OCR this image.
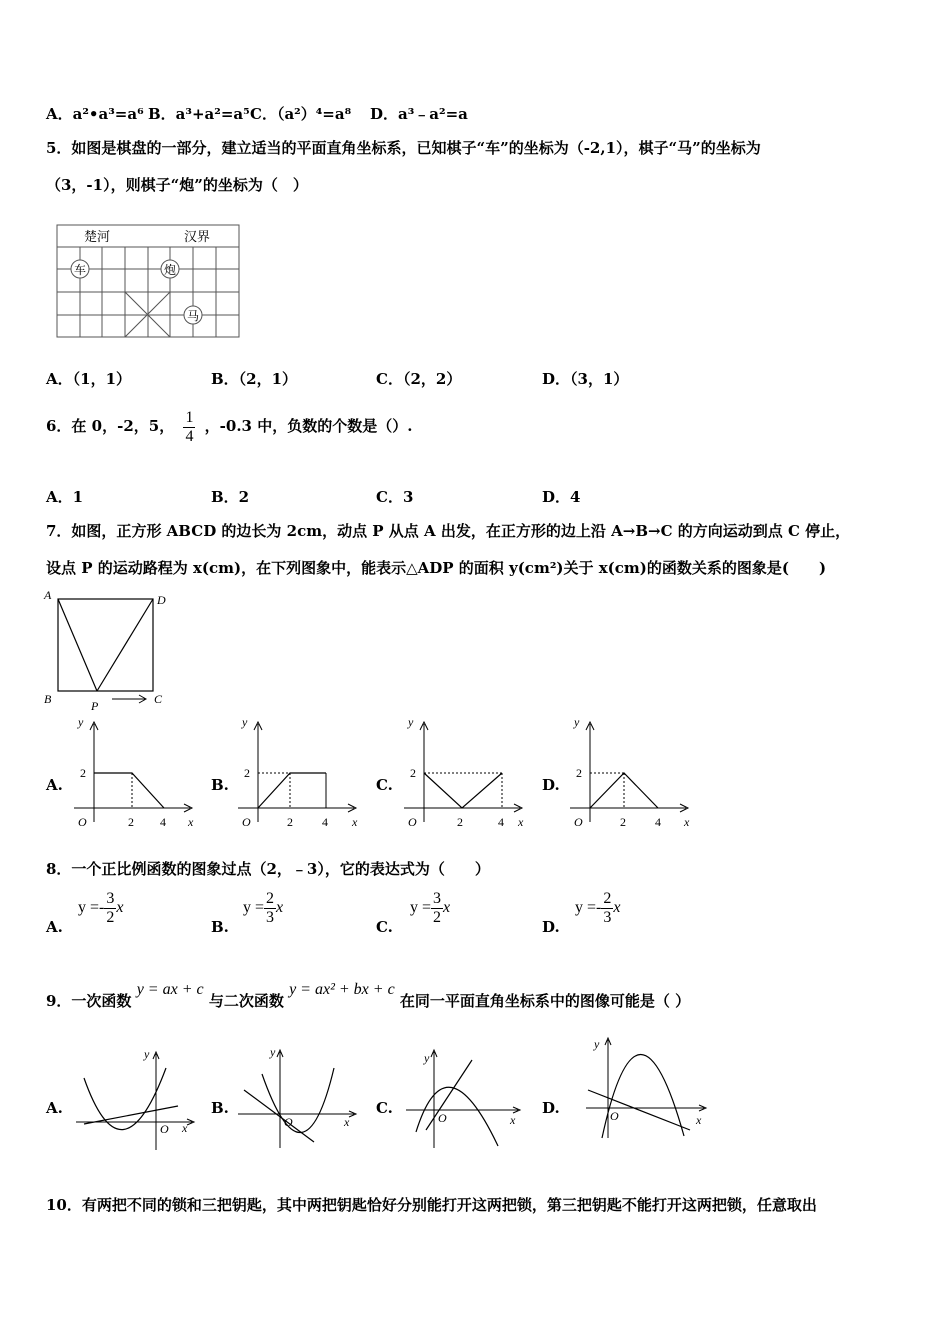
A．a²•a³=a⁶ B．a³+a²=a⁵ C．（a²）⁴=a⁸ D．a³﹣a²=a
5．如图是棋盘的一部分，建立适当的平面直角坐标系，已知棋子“车”的坐标为（-2,1），棋子“马”的坐标为
（3，-1），则棋子“炮”的坐标为（　）
楚河	汉界
车	炮
马
A．（1，1）	B．（2，1）	C．（2，2）	D．（3，1）
6．在 0，-2，5， $\frac{1}{4}$ ，-0.3 中，负数的个数是（）.
A．1	B．2	C．3	D．4
7．如图，正方形 ABCD 的边长为 2cm，动点 P 从点 A 出发，在正方形的边上沿 A→B→C 的方向运动到点 C 停止，
设点 P 的运动路程为 x(cm)，在下列图象中，能表示△ADP 的面积 y(cm²)关于 x(cm)的函数关系的图象是(　　)
A	D
B	C
P
A.	B.	C.	D.
y
x
O
2
2 4
y
x
O
2
2 4
y
x
O
2
2	4
y
x
O
2
2 4
8．一个正比例函数的图象过点（2，﹣3），它的表达式为（　　）
A.
$y =- \frac{3}{2}$ x
B.
$y = \frac{2}{3}$ x
C.
$y = \frac{3}{2}$ x
D.
$y =- \frac{2}{3}$ x
9．一次函数 y = ax + c 与二次函数 y = ax² + bx + c 在同一平面直角坐标系中的图像可能是（ ）
A.	B.	C.	D.
y
x
O
y
x
O
y
x
O
y
x
O
10．有两把不同的锁和三把钥匙，其中两把钥匙恰好分别能打开这两把锁，第三把钥匙不能打开这两把锁，任意取出
